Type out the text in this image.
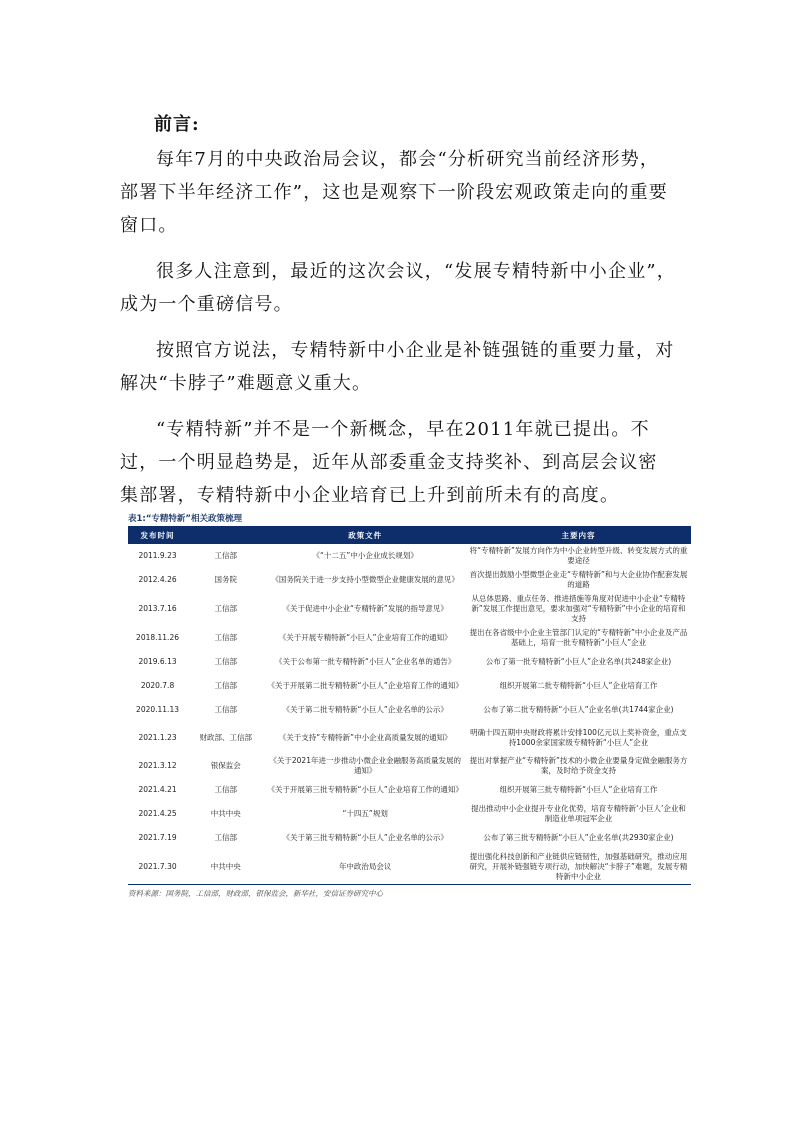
前言:

每年7月的中央政治局会议，都会“分析研究当前经济形势，部署下半年经济工作”，这也是观察下一阶段宏观政策走向的重要窗口。

很多人注意到，最近的这次会议，“发展专精特新中小企业”，成为一个重磅信号。

按照官方说法，专精特新中小企业是补链强链的重要力量，对解决“卡脖子”难题意义重大。

“专精特新”并不是一个新概念，早在2011年就已提出。不过，一个明显趋势是，近年从部委重金支持奖补、到高层会议密集部署，专精特新中小企业培育已上升到前所未有的高度。

表1:“专精特新”相关政策梳理
发布时间		政策文件	主要内容
2011.9.23	工信部	《“十二五”中小企业成长规划》	将“专精特新”发展方向作为中小企业转型升级、转变发展方式的重要途径
2012.4.26	国务院	《国务院关于进一步支持小型微型企业健康发展的意见》	首次提出鼓励小型微型企业走“专精特新”和与大企业协作配套发展的道路
2013.7.16	工信部	《关于促进中小企业“专精特新”发展的指导意见》	从总体思路、重点任务、推进措施等角度对促进中小企业“专精特新”发展工作提出意见，要求加强对“专精特新”中小企业的培育和支持
2018.11.26	工信部	《关于开展专精特新“小巨人”企业培育工作的通知》	提出在各省级中小企业主管部门认定的“专精特新”中小企业及产品基础上，培育一批专精特新“小巨人”企业
2019.6.13	工信部	《关于公布第一批专精特新“小巨人”企业名单的通告》	公布了第一批专精特新“小巨人”企业名单(共248家企业)
2020.7.8	工信部	《关于开展第二批专精特新“小巨人”企业培育工作的通知》	组织开展第二批专精特新“小巨人”企业培育工作
2020.11.13	工信部	《关于第二批专精特新“小巨人”企业名单的公示》	公布了第二批专精特新“小巨人”企业名单(共1744家企业)
2021.1.23	财政部、工信部	《关于支持“专精特新”中小企业高质量发展的通知》	明确十四五期中央财政将累计安排100亿元以上奖补资金，重点支持1000余家国家级专精特新“小巨人”企业
2021.3.12	银保监会	《关于2021年进一步推动小微企业金融服务高质量发展的通知》	提出对掌握产业“专精特新”技术的小微企业要量身定做金融服务方案，及时给予资金支持
2021.4.21	工信部	《关于开展第三批专精特新“小巨人”企业培育工作的通知》	组织开展第三批专精特新“小巨人”企业培育工作
2021.4.25	中共中央	“十四五”规划	提出推动中小企业提升专业化优势，培育专精特新‘小巨人’企业和制造业单项冠军企业
2021.7.19	工信部	《关于第三批专精特新“小巨人”企业名单的公示》	公布了第三批专精特新“小巨人”企业名单(共2930家企业)
2021.7.30	中共中央	年中政治局会议	提出强化科技创新和产业链供应链韧性，加强基础研究，推动应用研究，开展补链强链专项行动，加快解决“卡脖子”难题，发展专精特新中小企业
资料来源：国务院，工信部，财政部，银保监会，新华社，安信证券研究中心
